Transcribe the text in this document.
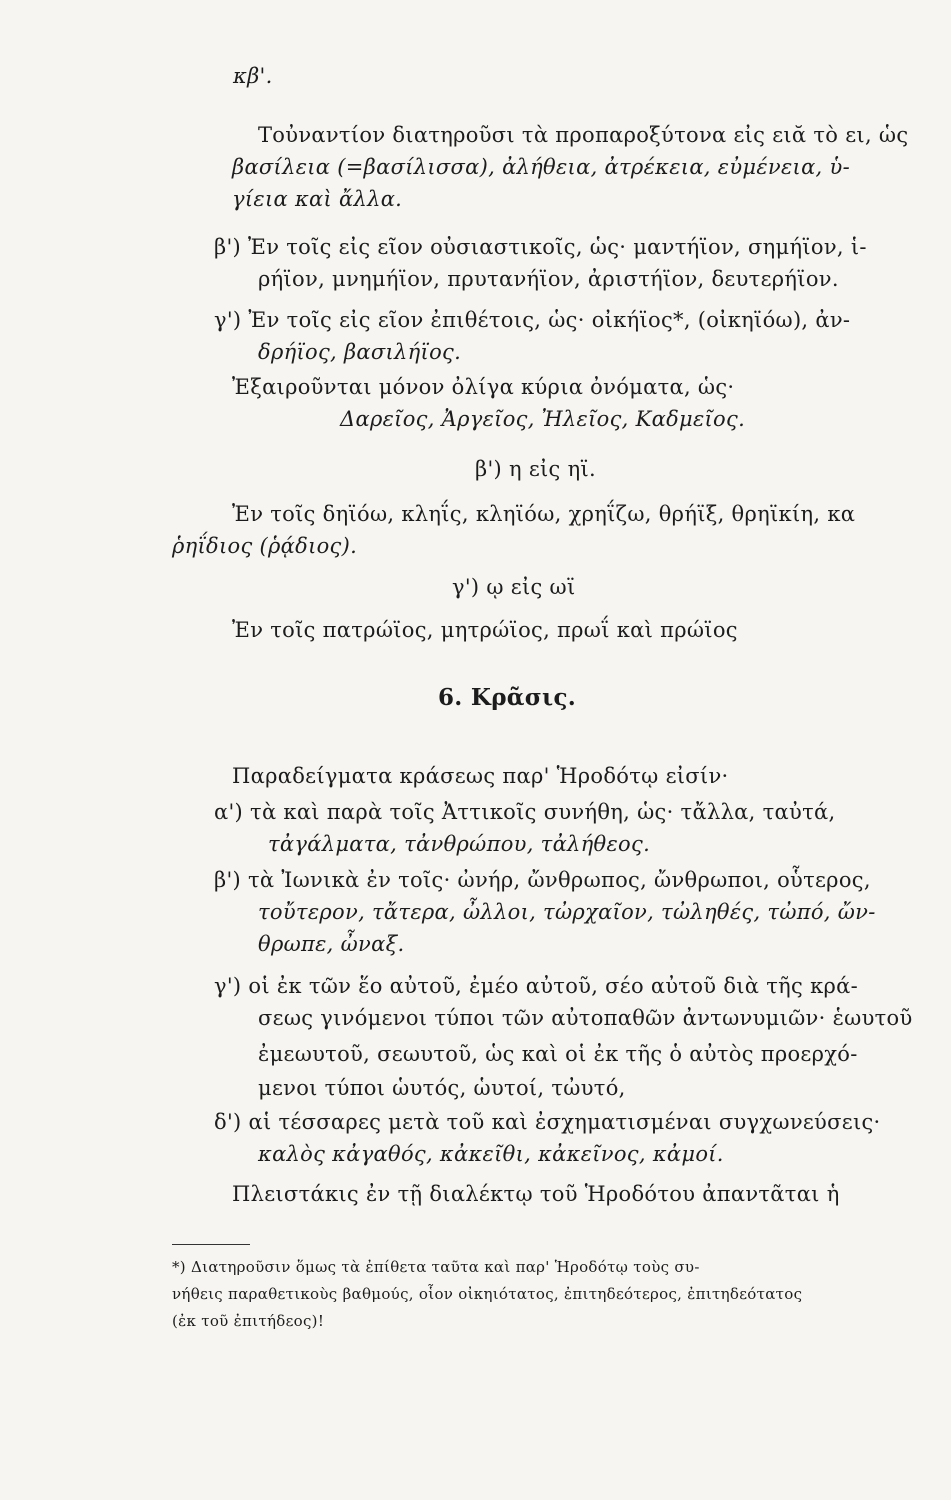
κβ'.
Τοὐναντίον διατηροῦσι τὰ προπαροξύτονα εἰς ειᾰ τὸ ει, ὡς
βασίλεια (=βασίλισσα), ἀλήθεια, ἀτρέκεια, εὐμένεια, ὑ-
γίεια καὶ ἄλλα.
β') Ἐν τοῖς εἰς εῖον οὐσιαστικοῖς, ὡς· μαντήϊον, σημήϊον, ἱ-
ρήϊον, μνημήϊον, πρυτανήϊον, ἀριστήϊον, δευτερήϊον.
γ') Ἐν τοῖς εἰς εῖον ἐπιθέτοις, ὡς· οἰκήϊος*, (οἰκηϊόω), ἀν-
δρήϊος, βασιλήϊος.
Ἐξαιροῦνται μόνον ὀλίγα κύρια ὀνόματα, ὡς·
Δαρεῖος, Ἀργεῖος, Ἠλεῖος, Καδμεῖος.
β') η εἰς ηϊ.
Ἐν τοῖς δηϊόω, κληΐς, κληϊόω, χρηΐζω, θρήϊξ, θρηϊκίη, κα
ῥηΐδιος (ῥᾴδιος).
γ') ῳ εἰς ωϊ
Ἐν τοῖς πατρώϊος, μητρώϊος, πρωΐ καὶ πρώϊος
6. Κρᾶσις.
Παραδείγματα κράσεως παρ' Ἡροδότῳ εἰσίν·
α') τὰ καὶ παρὰ τοῖς Ἀττικοῖς συνήθη, ὡς· τἄλλα, ταὐτά,
τἀγάλματα, τἀνθρώπου, τἀλήθεος.
β') τὰ Ἰωνικὰ ἐν τοῖς· ὠνήρ, ὤνθρωπος, ὤνθρωποι, οὗτερος,
τοὔτερον, τἄτερα, ὦλλοι, τὠρχαῖον, τὠληθές, τὠπό, ὤν-
θρωπε, ὦναξ.
γ') οἱ ἐκ τῶν ἕο αὐτοῦ, ἐμέο αὐτοῦ, σέο αὐτοῦ διὰ τῆς κρά-
σεως γινόμενοι τύποι τῶν αὐτοπαθῶν ἀντωνυμιῶν· ἑωυτοῦ
ἐμεωυτοῦ, σεωυτοῦ, ὡς καὶ οἱ ἐκ τῆς ὁ αὐτὸς προερχό-
μενοι τύποι ὡυτός, ὡυτοί, τὠυτό,
δ') αἱ τέσσαρες μετὰ τοῦ καὶ ἐσχηματισμέναι συγχωνεύσεις·
καλὸς κἀγαθός, κἀκεῖθι, κἀκεῖνος, κἀμοί.
Πλειστάκις ἐν τῇ διαλέκτῳ τοῦ Ἡροδότου ἀπαντᾶται ἡ
*) Διατηροῦσιν ὅμως τὰ ἐπίθετα ταῦτα καὶ παρ' Ἡροδότῳ τοὺς συ-
νήθεις παραθετικοὺς βαθμούς, οἷον οἰκηιότατος, ἐπιτηδεότερος, ἐπιτηδεότατος
(ἐκ τοῦ ἐπιτήδεος)!
